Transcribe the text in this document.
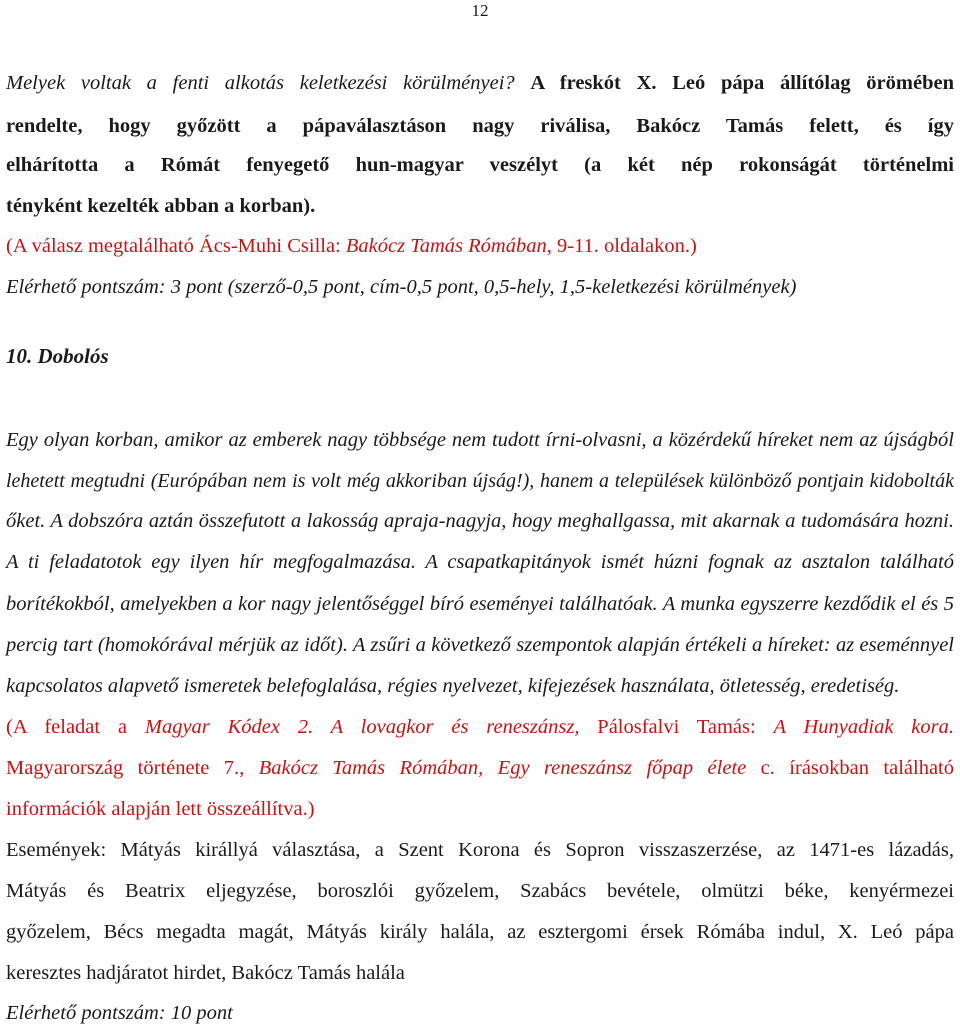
12
Melyek voltak a fenti alkotás keletkezési körülményei? A freskót X. Leó pápa állítólag örömében
rendelte, hogy győzött a pápaválasztáson nagy riválisa, Bakócz Tamás felett, és így
elhárította a Rómát fenyegető hun-magyar veszélyt (a két nép rokonságát történelmi
tényként kezelték abban a korban).
(A válasz megtalálható Ács-Muhi Csilla: Bakócz Tamás Rómában, 9-11. oldalakon.)
Elérhető pontszám: 3 pont (szerző-0,5 pont, cím-0,5 pont, 0,5-hely, 1,5-keletkezési körülmények)
10. Dobolós
Egy olyan korban, amikor az emberek nagy többsége nem tudott írni-olvasni, a közérdekű híreket nem az újságból
lehetett megtudni (Európában nem is volt még akkoriban újság!), hanem a települések különböző pontjain kidobolták
őket. A dobszóra aztán összefutott a lakosság apraja-nagyja, hogy meghallgassa, mit akarnak a tudomására hozni.
A ti feladatotok egy ilyen hír megfogalmazása. A csapatkapitányok ismét húzni fognak az asztalon található
borítékokból, amelyekben a kor nagy jelentőséggel bíró eseményei találhatóak. A munka egyszerre kezdődik el és 5
percig tart (homokórával mérjük az időt). A zsűri a következő szempontok alapján értékeli a híreket: az eseménnyel
kapcsolatos alapvető ismeretek belefoglalása, régies nyelvezet, kifejezések használata, ötletesség, eredetiség.
(A feladat a Magyar Kódex 2. A lovagkor és reneszánsz, Pálosfalvi Tamás: A Hunyadiak kora.
Magyarország története 7., Bakócz Tamás Rómában, Egy reneszánsz főpap élete c. írásokban található
információk alapján lett összeállítva.)
Események: Mátyás királlyá választása, a Szent Korona és Sopron visszaszerzése, az 1471-es lázadás,
Mátyás és Beatrix eljegyzése, boroszlói győzelem, Szabács bevétele, olmützi béke, kenyérmezei
győzelem, Bécs megadta magát, Mátyás király halála, az esztergomi érsek Rómába indul, X. Leó pápa
keresztes hadjáratot hirdet, Bakócz Tamás halála
Elérhető pontszám: 10 pont
